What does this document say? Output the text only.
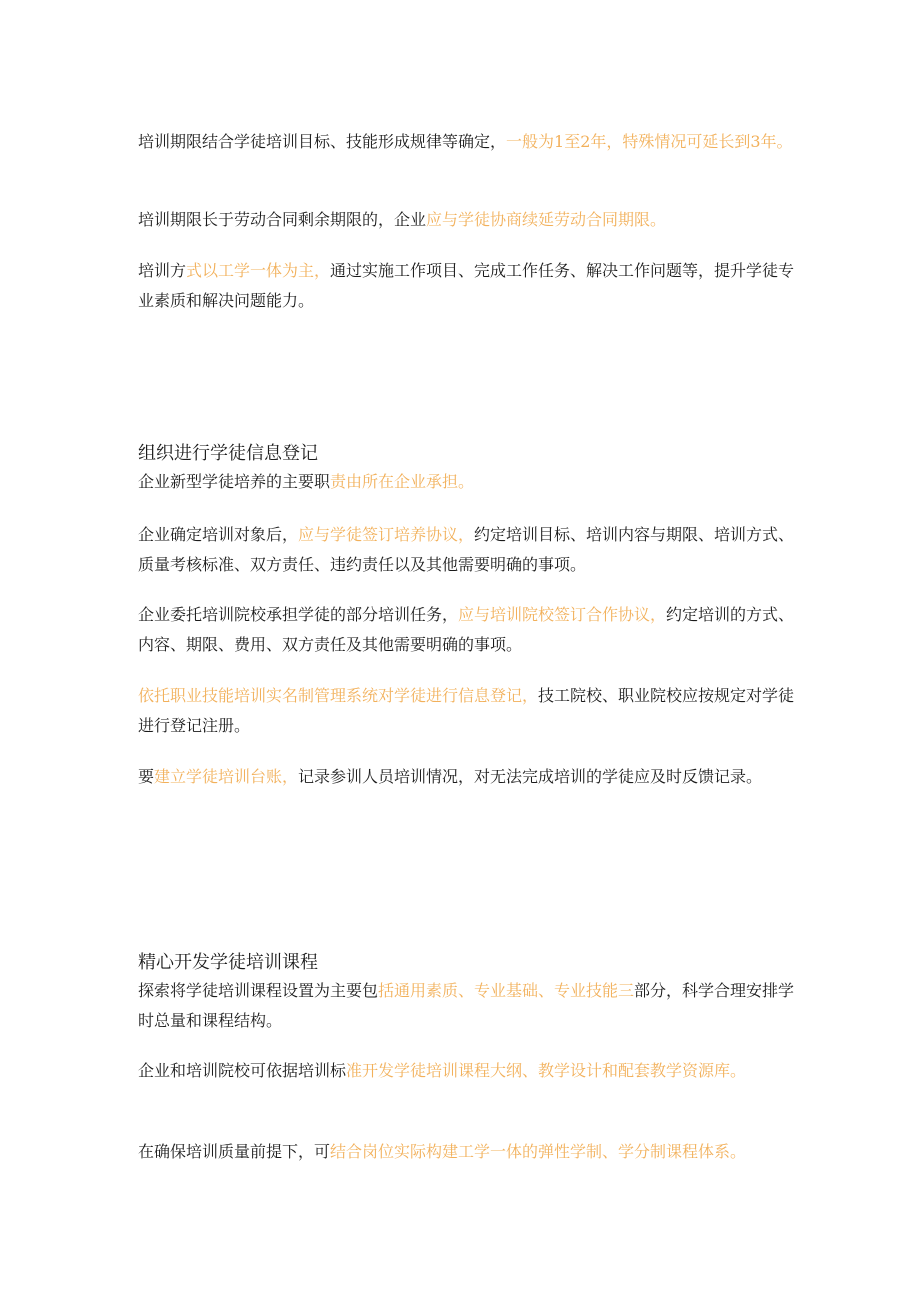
培训期限结合学徒培训目标、技能形成规律等确定，一般为1至2年，特殊情况可延长到3年。

培训期限长于劳动合同剩余期限的，企业应与学徒协商续延劳动合同期限。

培训方式以工学一体为主，通过实施工作项目、完成工作任务、解决工作问题等，提升学徒专业素质和解决问题能力。

组织进行学徒信息登记

企业新型学徒培养的主要职责由所在企业承担。

企业确定培训对象后，应与学徒签订培养协议，约定培训目标、培训内容与期限、培训方式、质量考核标准、双方责任、违约责任以及其他需要明确的事项。

企业委托培训院校承担学徒的部分培训任务，应与培训院校签订合作协议，约定培训的方式、内容、期限、费用、双方责任及其他需要明确的事项。

依托职业技能培训实名制管理系统对学徒进行信息登记，技工院校、职业院校应按规定对学徒进行登记注册。

要建立学徒培训台账，记录参训人员培训情况，对无法完成培训的学徒应及时反馈记录。

精心开发学徒培训课程

探索将学徒培训课程设置为主要包括通用素质、专业基础、专业技能三部分，科学合理安排学时总量和课程结构。

企业和培训院校可依据培训标准开发学徒培训课程大纲、教学设计和配套教学资源库。

在确保培训质量前提下，可结合岗位实际构建工学一体的弹性学制、学分制课程体系。
